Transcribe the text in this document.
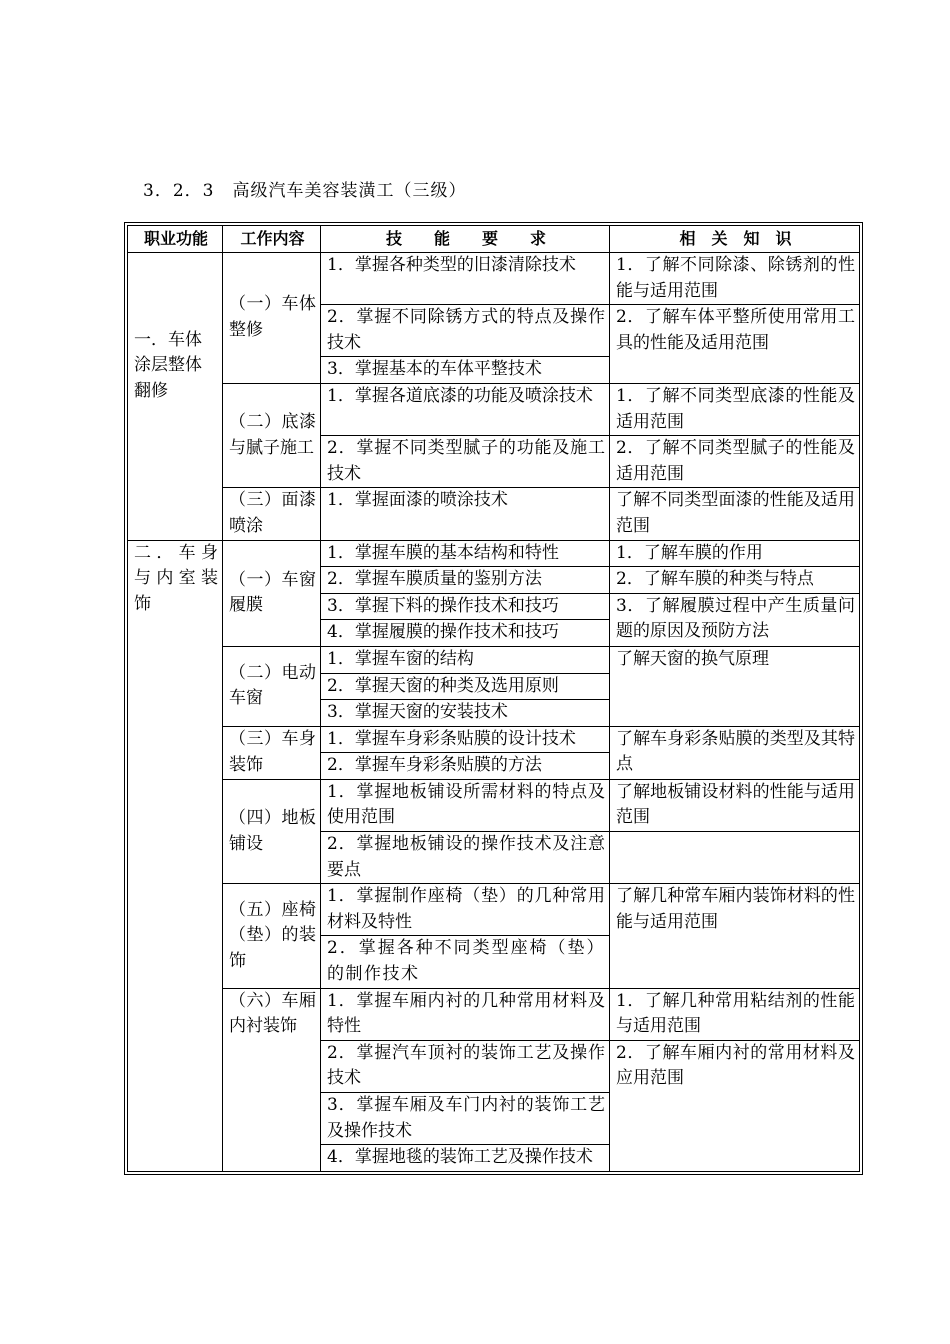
3．2．3　高级汽车美容装潢工（三级）
职业功能	工作内容	技　　能　　要　　求	相　关　知　识

一．车体涂层整体翻修	（一）车体整修	1．掌握各种类型的旧漆清除技术	1．了解不同除漆、除锈剂的性能与适用范围
		2．掌握不同除锈方式的特点及操作技术	2．了解车体平整所使用常用工具的性能及适用范围
		3．掌握基本的车体平整技术	
	（二）底漆与腻子施工	1．掌握各道底漆的功能及喷涂技术	1．了解不同类型底漆的性能及适用范围
		2．掌握不同类型腻子的功能及施工技术	2．了解不同类型腻子的性能及适用范围
	（三）面漆喷涂	1．掌握面漆的喷涂技术	了解不同类型面漆的性能及适用范围
二．车身与内室装饰	（一）车窗履膜	1．掌握车膜的基本结构和特性	1．了解车膜的作用
		2．掌握车膜质量的鉴别方法	2．了解车膜的种类与特点
		3．掌握下料的操作技术和技巧	3．了解履膜过程中产生质量问题的原因及预防方法
		4．掌握履膜的操作技术和技巧	
	（二）电动车窗	1．掌握车窗的结构	了解天窗的换气原理
		2．掌握天窗的种类及选用原则	
		3．掌握天窗的安装技术	
	（三）车身装饰	1．掌握车身彩条贴膜的设计技术	了解车身彩条贴膜的类型及其特点
		2．掌握车身彩条贴膜的方法	
	（四）地板铺设	1．掌握地板铺设所需材料的特点及使用范围	了解地板铺设材料的性能与适用范围
		2．掌握地板铺设的操作技术及注意要点	
	（五）座椅（垫）的装饰	1．掌握制作座椅（垫）的几种常用材料及特性	了解几种常车厢内装饰材料的性能与适用范围
		2．掌握各种不同类型座椅（垫）的制作技术	
	（六）车厢内衬装饰	1．掌握车厢内衬的几种常用材料及特性	1．了解几种常用粘结剂的性能与适用范围
		2．掌握汽车顶衬的装饰工艺及操作技术	2．了解车厢内衬的常用材料及应用范围
		3．掌握车厢及车门内衬的装饰工艺及操作技术	
		4．掌握地毯的装饰工艺及操作技术	
